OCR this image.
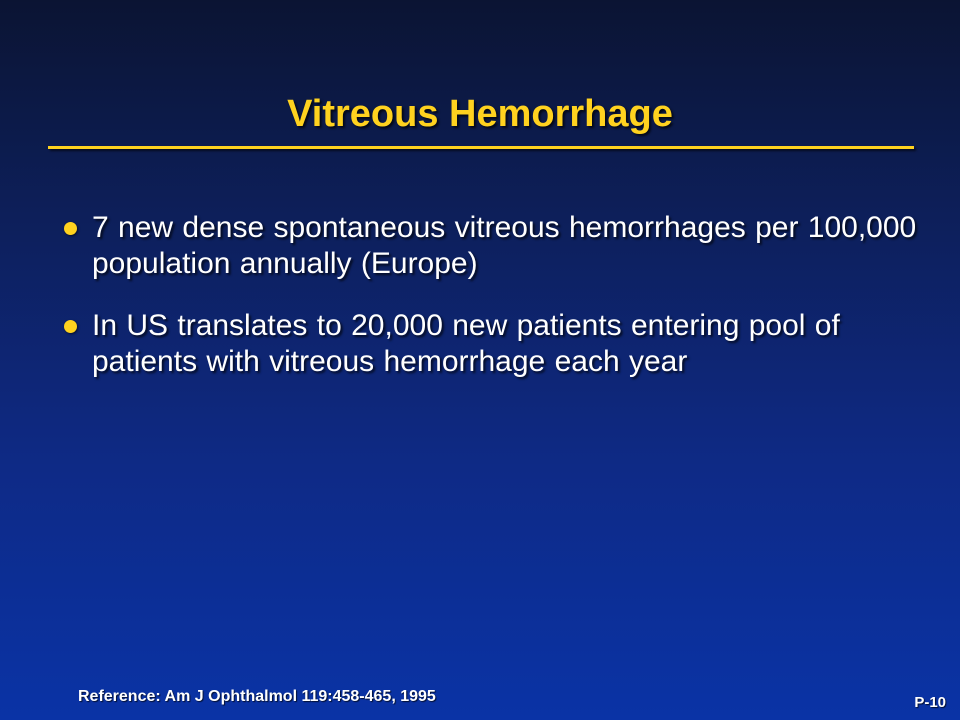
Vitreous Hemorrhage
7 new dense spontaneous vitreous hemorrhages per 100,000 population annually (Europe)
In US translates to 20,000 new patients entering pool of patients with vitreous hemorrhage each year
Reference: Am J Ophthalmol 119:458-465, 1995	P-10
